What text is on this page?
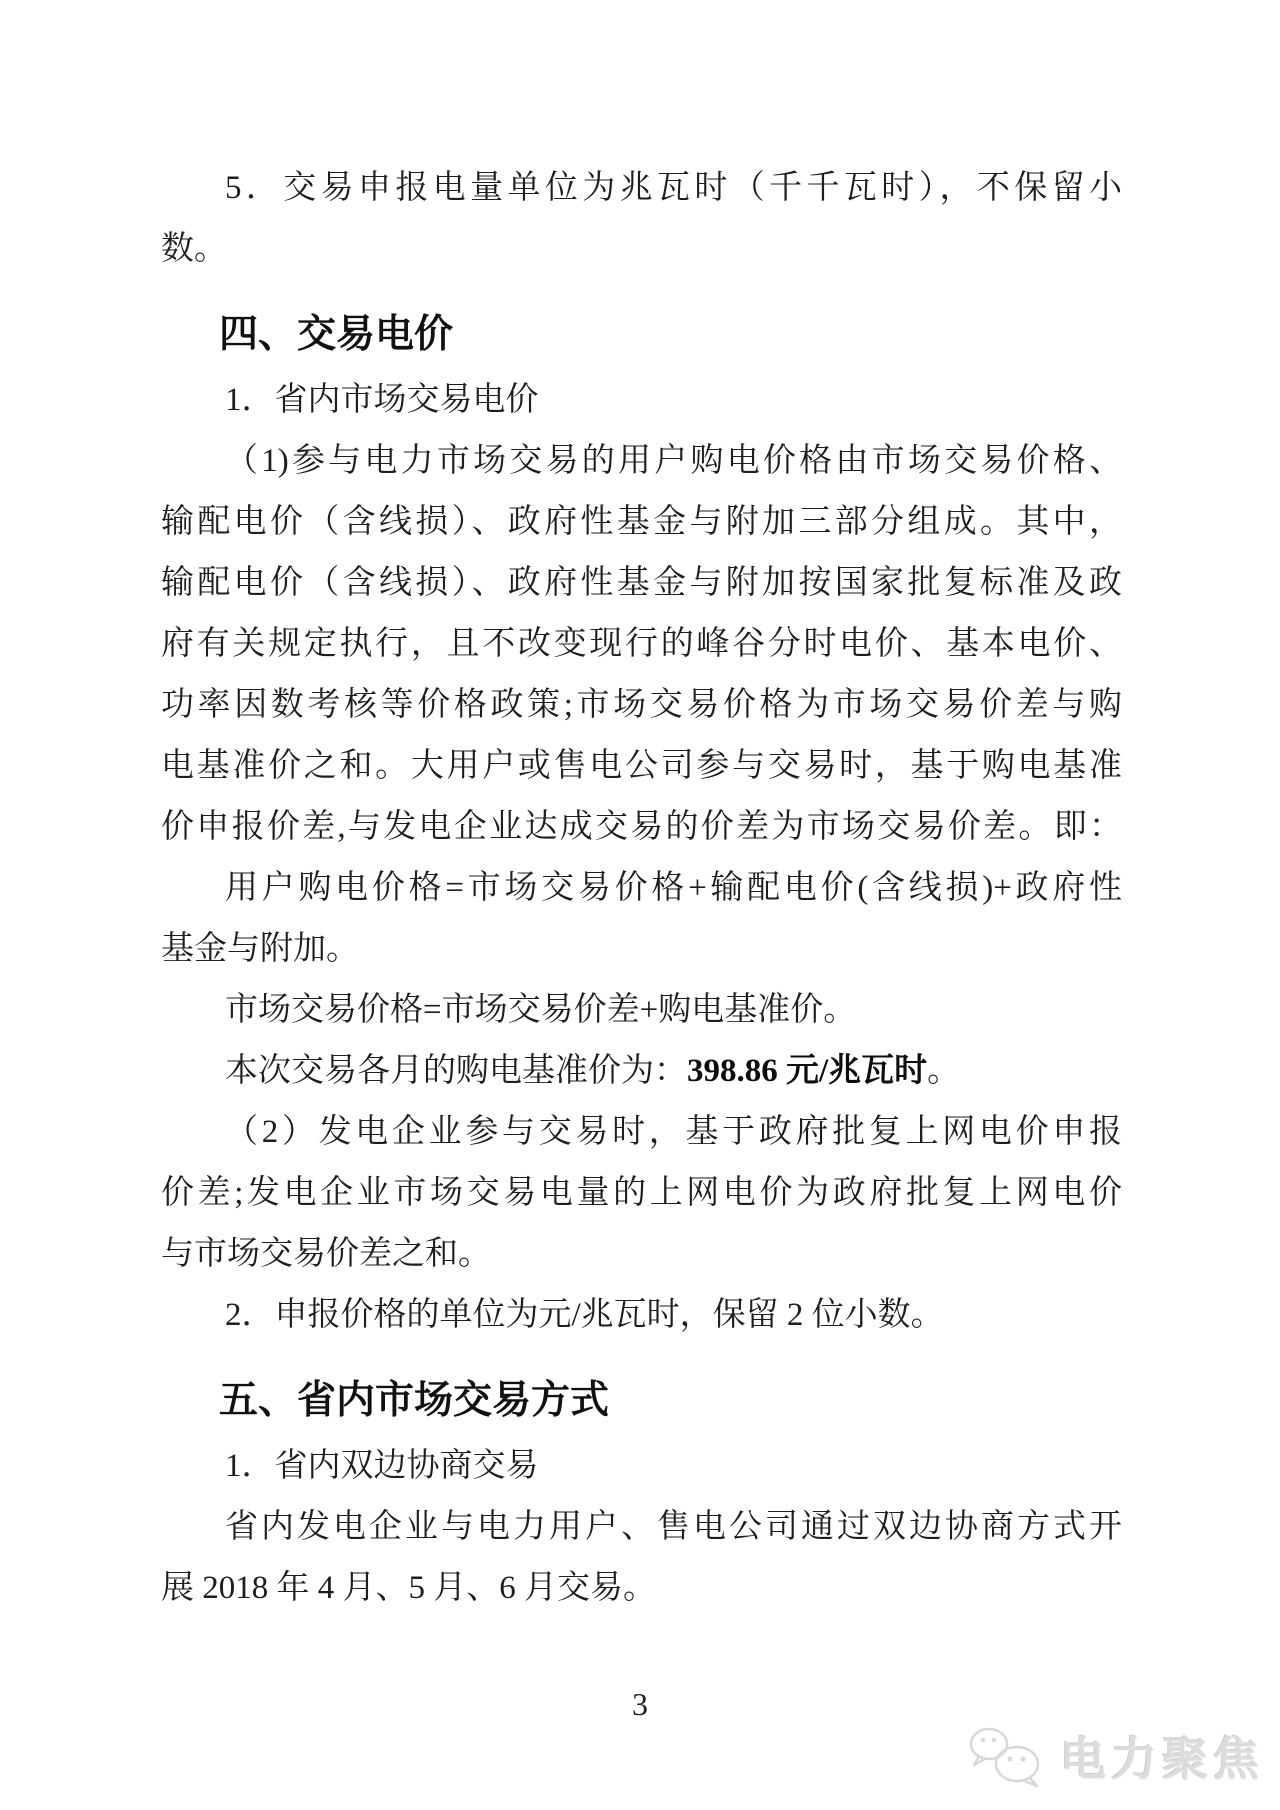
5．交易申报电量单位为兆瓦时（千千瓦时），不保留小
数。
四、交易电价
1．省内市场交易电价
（1)参与电力市场交易的用户购电价格由市场交易价格、
输配电价（含线损）、政府性基金与附加三部分组成。其中，
输配电价（含线损）、政府性基金与附加按国家批复标准及政
府有关规定执行，且不改变现行的峰谷分时电价、基本电价、
功率因数考核等价格政策;市场交易价格为市场交易价差与购
电基准价之和。大用户或售电公司参与交易时，基于购电基准
价申报价差,与发电企业达成交易的价差为市场交易价差。即：
用户购电价格=市场交易价格+输配电价(含线损)+政府性
基金与附加。
市场交易价格=市场交易价差+购电基准价。
本次交易各月的购电基准价为：398.86 元/兆瓦时。
（2）发电企业参与交易时，基于政府批复上网电价申报
价差;发电企业市场交易电量的上网电价为政府批复上网电价
与市场交易价差之和。
2．申报价格的单位为元/兆瓦时，保留 2 位小数。
五、省内市场交易方式
1．省内双边协商交易
省内发电企业与电力用户、售电公司通过双边协商方式开
展 2018 年 4 月、5 月、6 月交易。
3
电力聚焦
